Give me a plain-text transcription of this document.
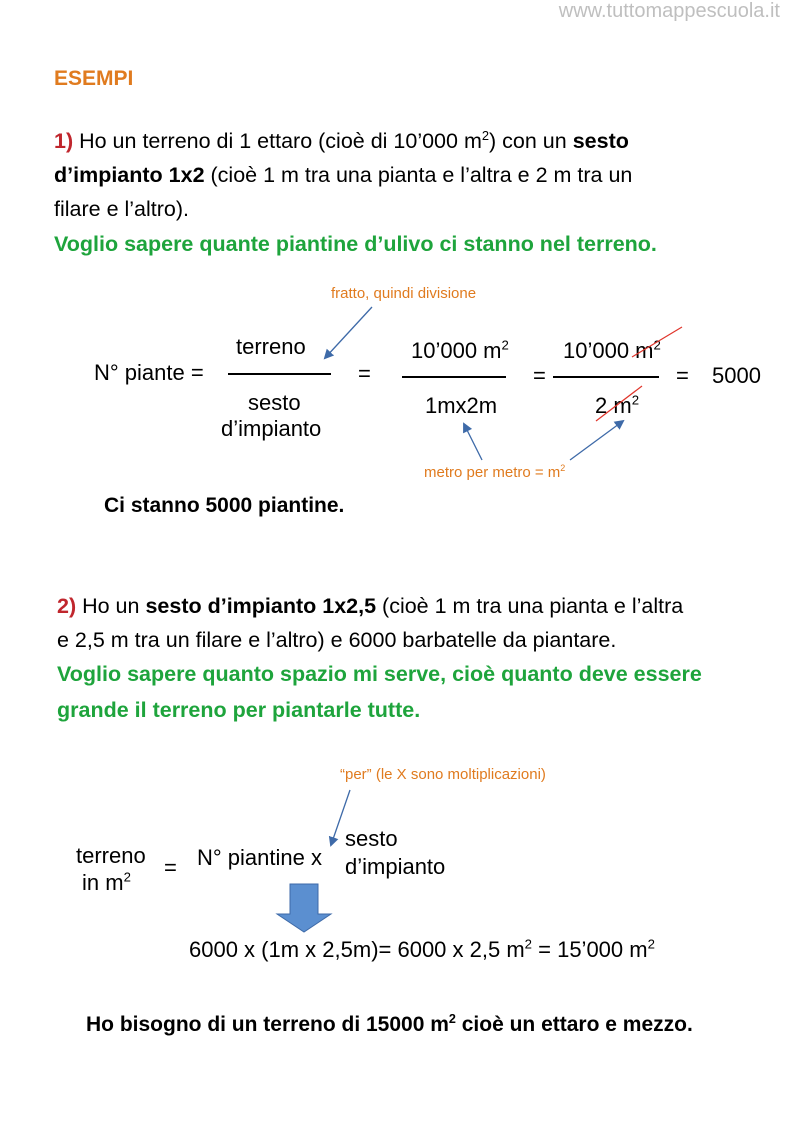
www.tuttomappescuola.it
ESEMPI
1) Ho un terreno di 1 ettaro (cioè di 10’000 $m^2$) con un sesto
d’impianto 1x2 (cioè 1 m tra una pianta e l’altra e 2 m tra un
filare e l’altro).
Voglio sapere quante piantine d’ulivo ci stanno nel terreno.
fratto, quindi divisione
N° piante =
terreno
sesto
d’impianto
=
10’000 $m^2$
1mx2m
=
10’000 $m^2$
2 $m^2$
= 5000
metro per metro = $m^2$
Ci stanno 5000 piantine.
2) Ho un sesto d’impianto 1x2,5 (cioè 1 m tra una pianta e l’altra
e 2,5 m tra un filare e l’altro) e 6000 barbatelle da piantare.
Voglio sapere quanto spazio mi serve, cioè quanto deve essere
grande il terreno per piantarle tutte.
“per” (le X sono moltiplicazioni)
terreno
in $m^2 = N^\circ$ piantine x
sesto
d’impianto
6000 x (1m x 2,5m)= 6000 x 2,5 $m^2$ = 15’000 $m^2$
Ho bisogno di un terreno di 15000 $m^2$ cioè un ettaro e mezzo.
